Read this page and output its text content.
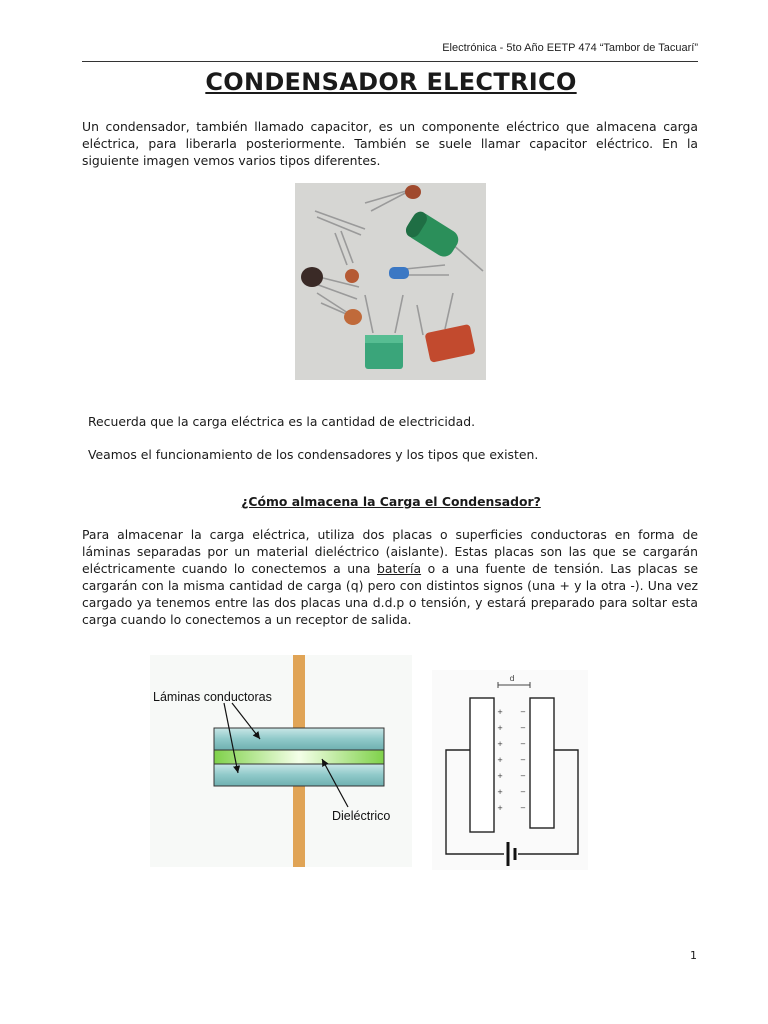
Electrónica - 5to Año EETP 474 “Tambor de Tacuarí”
CONDENSADOR ELECTRICO
Un condensador, también llamado capacitor, es un componente eléctrico que almacena carga eléctrica, para liberarla posteriormente. También se suele llamar capacitor eléctrico. En la siguiente imagen vemos varios tipos diferentes.
Recuerda que la carga eléctrica es la cantidad de electricidad.
Veamos el funcionamiento de los condensadores y los tipos que existen.
¿Cómo almacena la Carga el Condensador?
Para almacenar la carga eléctrica, utiliza dos placas o superficies conductoras en forma de láminas separadas por un material dieléctrico (aislante). Estas placas son las que se cargarán eléctricamente cuando lo conectemos a una batería o a una fuente de tensión. Las placas se cargarán con la misma cantidad de carga (q) pero con distintos signos (una + y la otra -). Una vez cargado ya tenemos entre las dos placas una d.d.p o tensión, y estará preparado para soltar esta carga cuando lo conectemos a un receptor de salida.
Láminas conductoras
Dieléctrico
d
+
+
+
+
+
+
+
−
−
−
−
−
−
−
1
